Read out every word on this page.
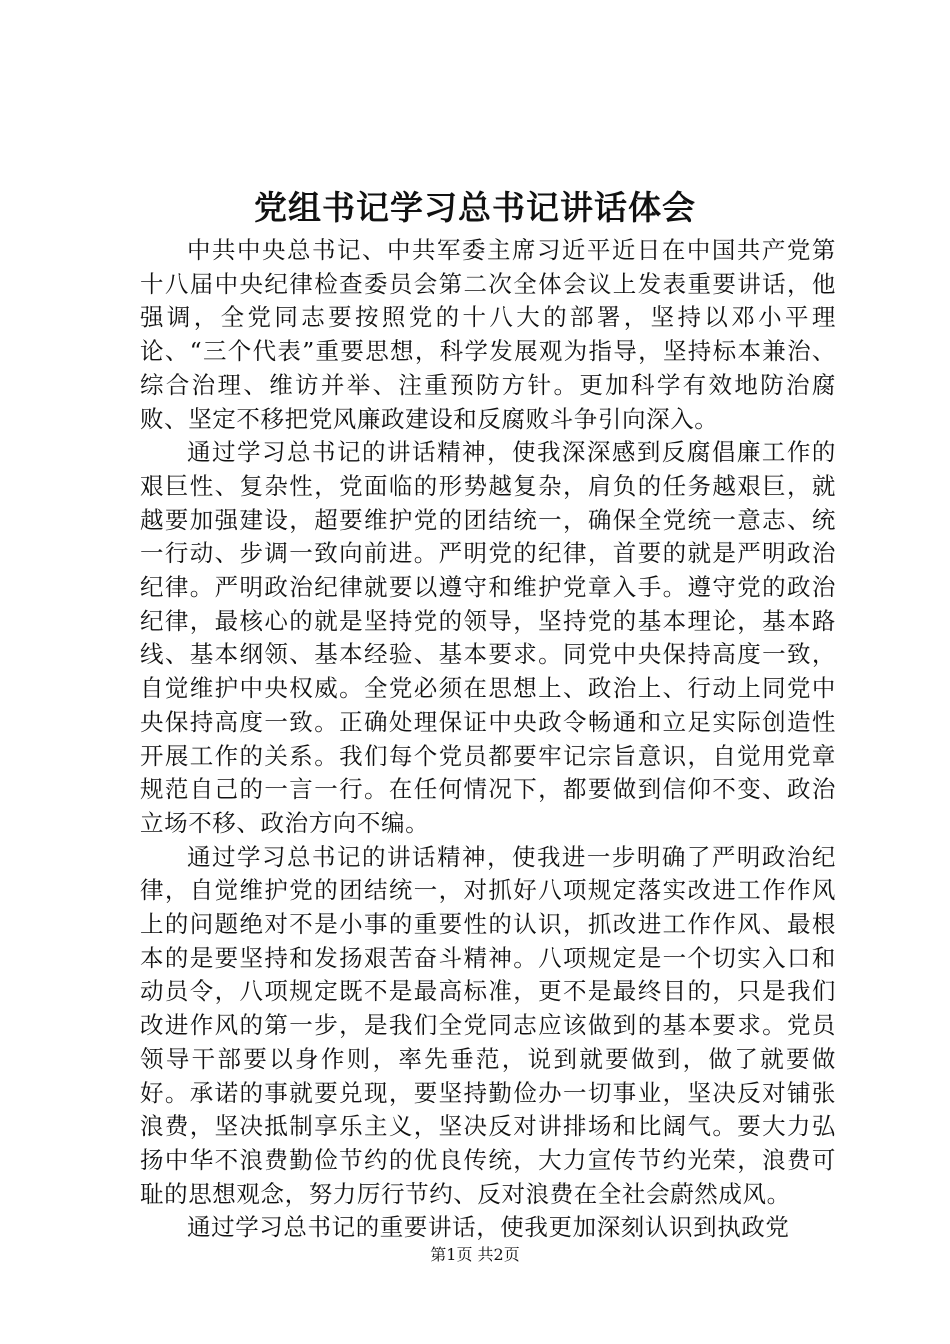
党组书记学习总书记讲话体会

中共中央总书记、中共军委主席习近平近日在中国共产党第十八届中央纪律检查委员会第二次全体会议上发表重要讲话，他强调，全党同志要按照党的十八大的部署，坚持以邓小平理论、“三个代表”重要思想，科学发展观为指导，坚持标本兼治、综合治理、维访并举、注重预防方针。更加科学有效地防治腐败、坚定不移把党风廉政建设和反腐败斗争引向深入。

通过学习总书记的讲话精神，使我深深感到反腐倡廉工作的艰巨性、复杂性，党面临的形势越复杂，肩负的任务越艰巨，就越要加强建设，超要维护党的团结统一，确保全党统一意志、统一行动、步调一致向前进。严明党的纪律，首要的就是严明政治纪律。严明政治纪律就要以遵守和维护党章入手。遵守党的政治纪律，最核心的就是坚持党的领导，坚持党的基本理论，基本路线、基本纲领、基本经验、基本要求。同党中央保持高度一致，自觉维护中央权威。全党必须在思想上、政治上、行动上同党中央保持高度一致。正确处理保证中央政令畅通和立足实际创造性开展工作的关系。我们每个党员都要牢记宗旨意识，自觉用党章规范自己的一言一行。在任何情况下，都要做到信仰不变、政治立场不移、政治方向不编。

通过学习总书记的讲话精神，使我进一步明确了严明政治纪律，自觉维护党的团结统一，对抓好八项规定落实改进工作作风上的问题绝对不是小事的重要性的认识，抓改进工作作风、最根本的是要坚持和发扬艰苦奋斗精神。八项规定是一个切实入口和动员令，八项规定既不是最高标准，更不是最终目的，只是我们改进作风的第一步，是我们全党同志应该做到的基本要求。党员领导干部要以身作则，率先垂范，说到就要做到，做了就要做好。承诺的事就要兑现，要坚持勤俭办一切事业，坚决反对铺张浪费，坚决抵制享乐主义，坚决反对讲排场和比阔气。要大力弘扬中华不浪费勤俭节约的优良传统，大力宣传节约光荣，浪费可耻的思想观念，努力厉行节约、反对浪费在全社会蔚然成风。

通过学习总书记的重要讲话，使我更加深刻认识到执政党

第1页 共2页
